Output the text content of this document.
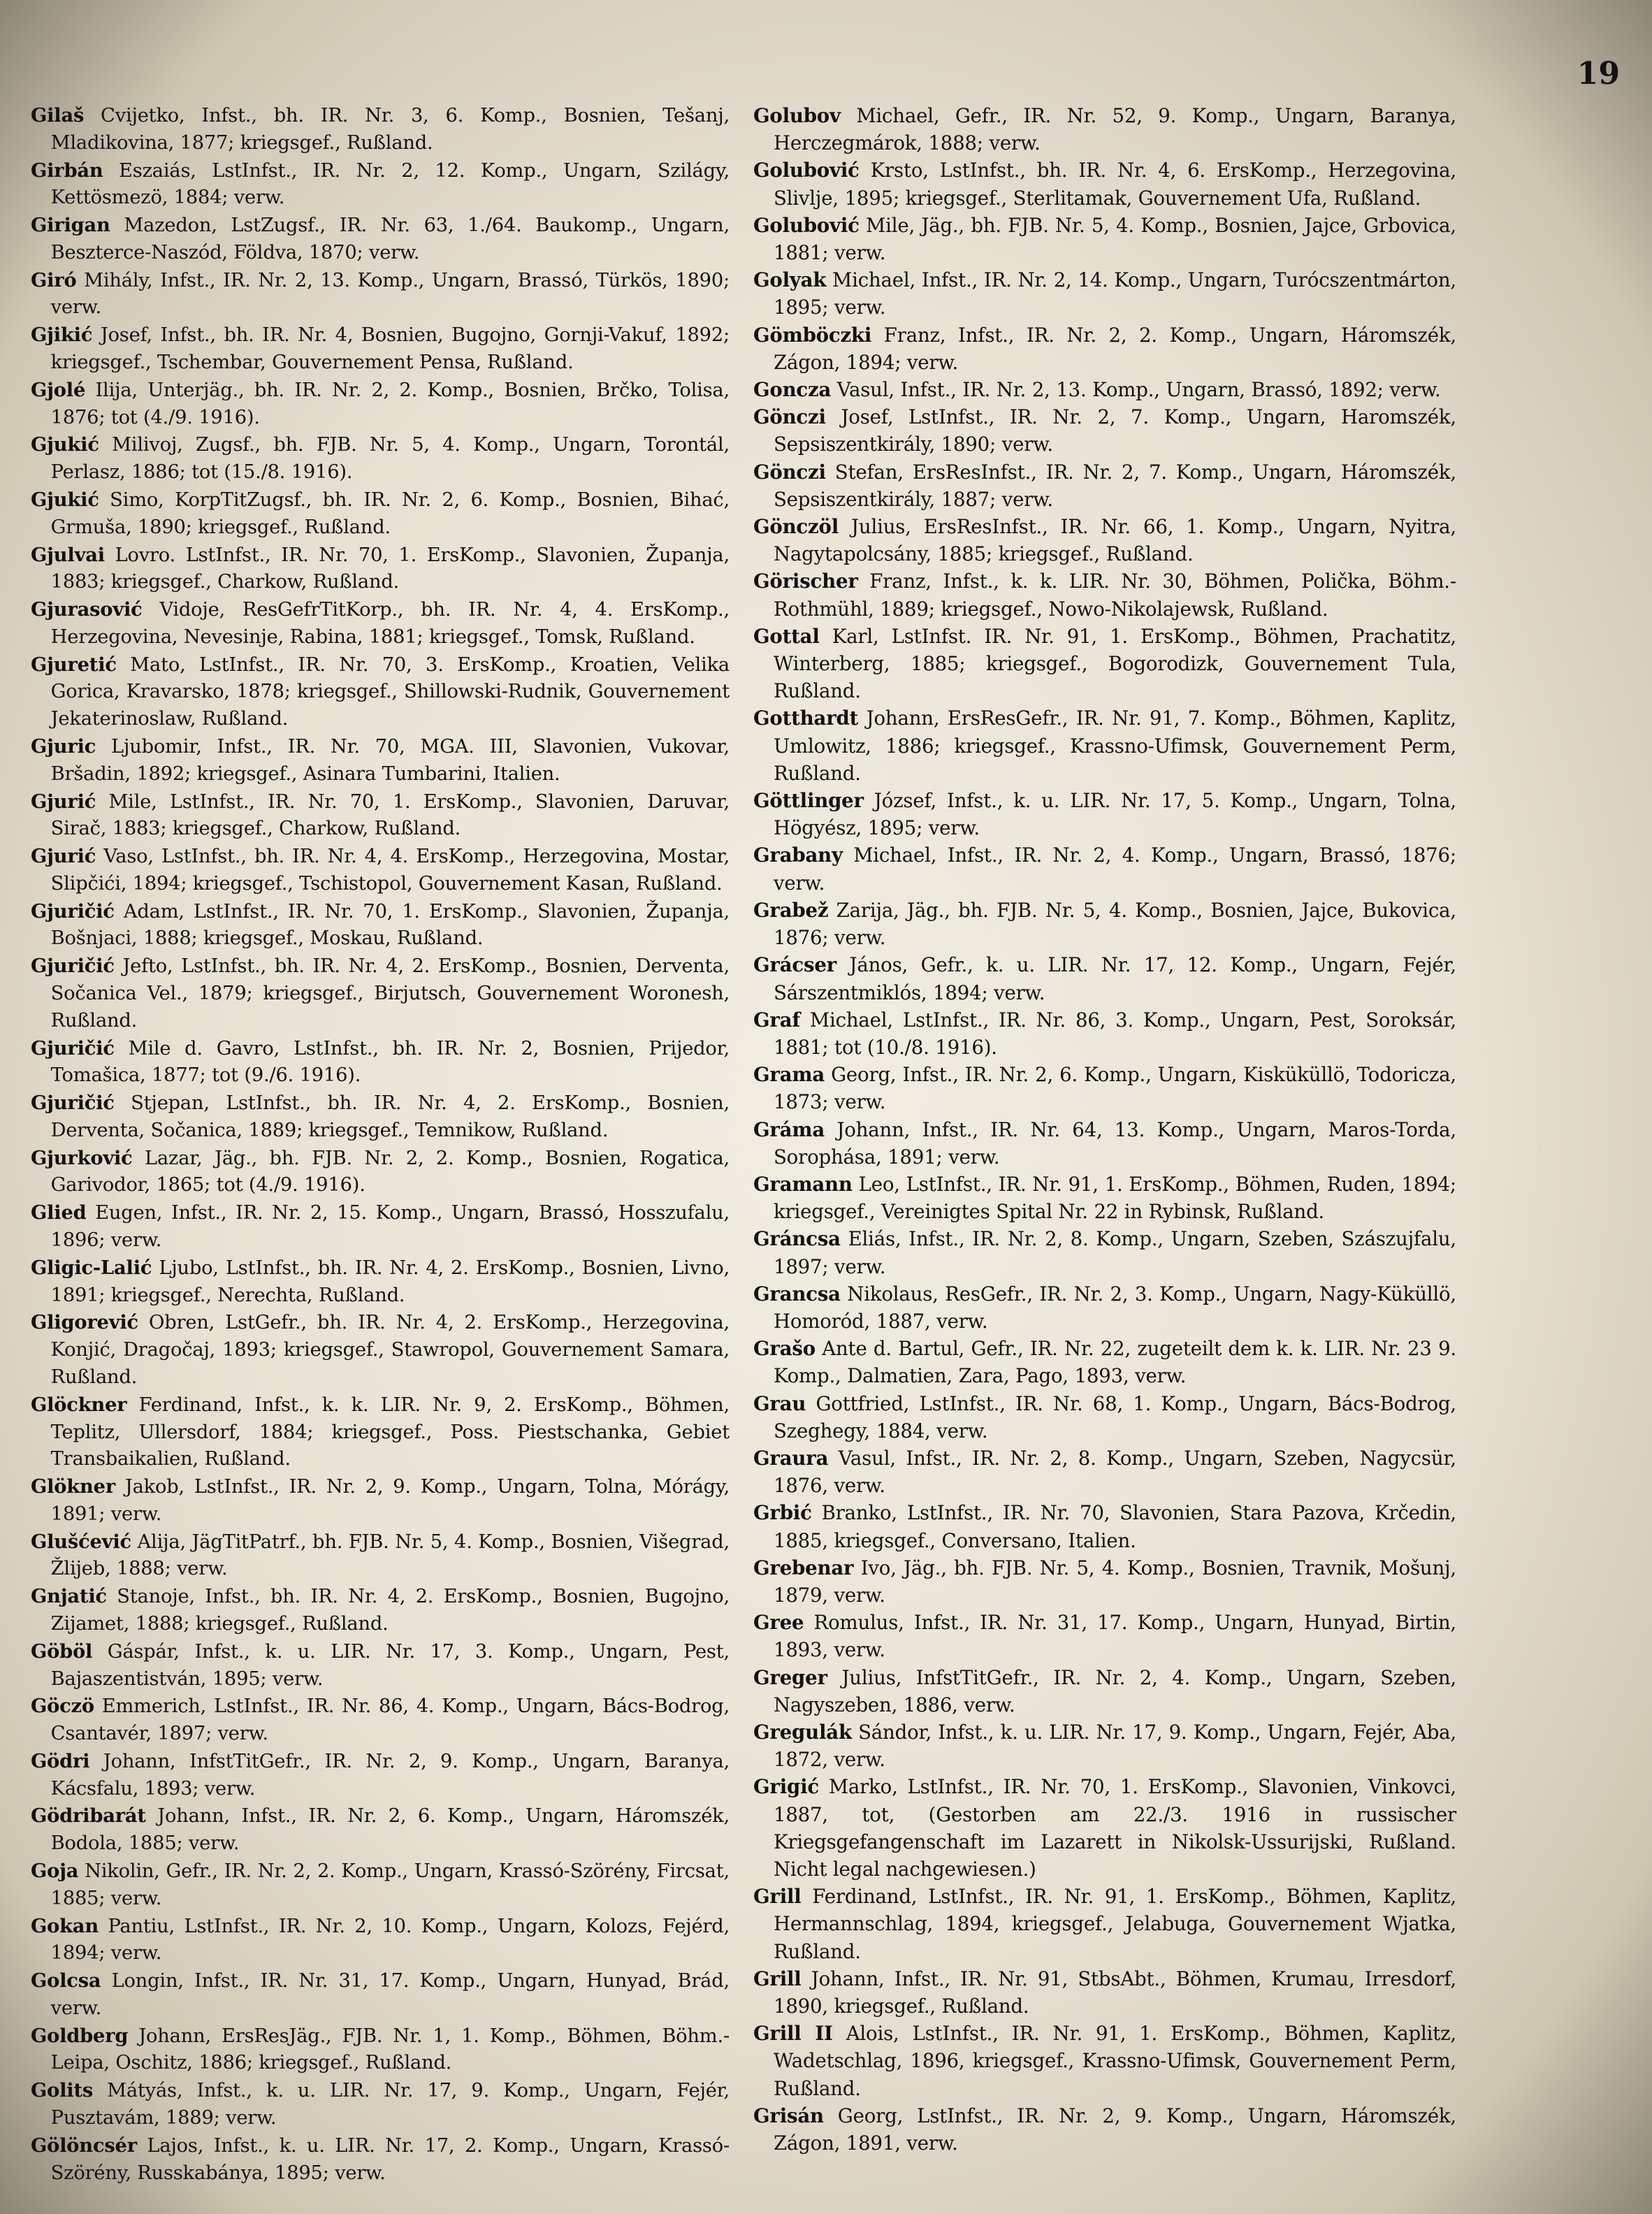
19

Gilaš Cvijetko, Infst., bh. IR. Nr. 3, 6. Komp., Bosnien, Tešanj, Mladikovina, 1877; kriegsgef., Rußland.

Girbán Eszaiás, LstInfst., IR. Nr. 2, 12. Komp., Ungarn, Szilágy, Kettösmezö, 1884; verw.

Girigan Mazedon, LstZugsf., IR. Nr. 63, 1./64. Baukomp., Ungarn, Beszterce-Naszód, Földva, 1870; verw.

Giró Mihály, Infst., IR. Nr. 2, 13. Komp., Ungarn, Brassó, Türkös, 1890; verw.

Gjikić Josef, Infst., bh. IR. Nr. 4, Bosnien, Bugojno, Gornji-Vakuf, 1892; kriegsgef., Tschembar, Gouvernement Pensa, Rußland.

Gjolé Ilija, Unterjäg., bh. IR. Nr. 2, 2. Komp., Bosnien, Brčko, Tolisa, 1876; tot (4./9. 1916).

Gjukić Milivoj, Zugsf., bh. FJB. Nr. 5, 4. Komp., Ungarn, Torontál, Perlasz, 1886; tot (15./8. 1916).

Gjukić Simo, KorpTitZugsf., bh. IR. Nr. 2, 6. Komp., Bosnien, Bihać, Grmuša, 1890; kriegsgef., Rußland.

Gjulvai Lovro. LstInfst., IR. Nr. 70, 1. ErsKomp., Slavonien, Županja, 1883; kriegsgef., Charkow, Rußland.

Gjurasović Vidoje, ResGefrTitKorp., bh. IR. Nr. 4, 4. ErsKomp., Herzegovina, Nevesinje, Rabina, 1881; kriegsgef., Tomsk, Rußland.

Gjuretić Mato, LstInfst., IR. Nr. 70, 3. ErsKomp., Kroatien, Velika Gorica, Kravarsko, 1878; kriegsgef., Shillowski-Rudnik, Gouvernement Jekaterinoslaw, Rußland.

Gjuric Ljubomir, Infst., IR. Nr. 70, MGA. III, Slavonien, Vukovar, Bršadin, 1892; kriegsgef., Asinara Tumbarini, Italien.

Gjurić Mile, LstInfst., IR. Nr. 70, 1. ErsKomp., Slavonien, Daruvar, Sirač, 1883; kriegsgef., Charkow, Rußland.

Gjurić Vaso, LstInfst., bh. IR. Nr. 4, 4. ErsKomp., Herzegovina, Mostar, Slipčići, 1894; kriegsgef., Tschistopol, Gouvernement Kasan, Rußland.

Gjuričić Adam, LstInfst., IR. Nr. 70, 1. ErsKomp., Slavonien, Županja, Bošnjaci, 1888; kriegsgef., Moskau, Rußland.

Gjuričić Jefto, LstInfst., bh. IR. Nr. 4, 2. ErsKomp., Bosnien, Derventa, Sočanica Vel., 1879; kriegsgef., Birjutsch, Gouvernement Woronesh, Rußland.

Gjuričić Mile d. Gavro, LstInfst., bh. IR. Nr. 2, Bosnien, Prijedor, Tomašica, 1877; tot (9./6. 1916).

Gjuričić Stjepan, LstInfst., bh. IR. Nr. 4, 2. ErsKomp., Bosnien, Derventa, Sočanica, 1889; kriegsgef., Temnikow, Rußland.

Gjurković Lazar, Jäg., bh. FJB. Nr. 2, 2. Komp., Bosnien, Rogatica, Garivodor, 1865; tot (4./9. 1916).

Glied Eugen, Infst., IR. Nr. 2, 15. Komp., Ungarn, Brassó, Hosszufalu, 1896; verw.

Gligic-Lalić Ljubo, LstInfst., bh. IR. Nr. 4, 2. ErsKomp., Bosnien, Livno, 1891; kriegsgef., Nerechta, Rußland.

Gligorević Obren, LstGefr., bh. IR. Nr. 4, 2. ErsKomp., Herzegovina, Konjić, Dragočaj, 1893; kriegsgef., Stawropol, Gouvernement Samara, Rußland.

Glöckner Ferdinand, Infst., k. k. LIR. Nr. 9, 2. ErsKomp., Böhmen, Teplitz, Ullersdorf, 1884; kriegsgef., Poss. Piestschanka, Gebiet Transbaikalien, Rußland.

Glökner Jakob, LstInfst., IR. Nr. 2, 9. Komp., Ungarn, Tolna, Mórágy, 1891; verw.

Glušćević Alija, JägTitPatrf., bh. FJB. Nr. 5, 4. Komp., Bosnien, Višegrad, Žlijeb, 1888; verw.

Gnjatić Stanoje, Infst., bh. IR. Nr. 4, 2. ErsKomp., Bosnien, Bugojno, Zijamet, 1888; kriegsgef., Rußland.

Göböl Gáspár, Infst., k. u. LIR. Nr. 17, 3. Komp., Ungarn, Pest, Bajaszentistván, 1895; verw.

Göczö Emmerich, LstInfst., IR. Nr. 86, 4. Komp., Ungarn, Bács-Bodrog, Csantavér, 1897; verw.

Gödri Johann, InfstTitGefr., IR. Nr. 2, 9. Komp., Ungarn, Baranya, Kácsfalu, 1893; verw.

Gödribarát Johann, Infst., IR. Nr. 2, 6. Komp., Ungarn, Háromszék, Bodola, 1885; verw.

Goja Nikolin, Gefr., IR. Nr. 2, 2. Komp., Ungarn, Krassó-Szörény, Fircsat, 1885; verw.

Gokan Pantiu, LstInfst., IR. Nr. 2, 10. Komp., Ungarn, Kolozs, Fejérd, 1894; verw.

Golcsa Longin, Infst., IR. Nr. 31, 17. Komp., Ungarn, Hunyad, Brád, verw.

Goldberg Johann, ErsResJäg., FJB. Nr. 1, 1. Komp., Böhmen, Böhm.-Leipa, Oschitz, 1886; kriegsgef., Rußland.

Golits Mátyás, Infst., k. u. LIR. Nr. 17, 9. Komp., Ungarn, Fejér, Pusztavám, 1889; verw.

Gölöncsér Lajos, Infst., k. u. LIR. Nr. 17, 2. Komp., Ungarn, Krassó-Szörény, Russkabánya, 1895; verw.

Golubov Michael, Gefr., IR. Nr. 52, 9. Komp., Ungarn, Baranya, Herczegmárok, 1888; verw.

Golubović Krsto, LstInfst., bh. IR. Nr. 4, 6. ErsKomp., Herzegovina, Slivlje, 1895; kriegsgef., Sterlitamak, Gouvernement Ufa, Rußland.

Golubović Mile, Jäg., bh. FJB. Nr. 5, 4. Komp., Bosnien, Jajce, Grbovica, 1881; verw.

Golyak Michael, Infst., IR. Nr. 2, 14. Komp., Ungarn, Turócszentmárton, 1895; verw.

Gömböczki Franz, Infst., IR. Nr. 2, 2. Komp., Ungarn, Háromszék, Zágon, 1894; verw.

Goncza Vasul, Infst., IR. Nr. 2, 13. Komp., Ungarn, Brassó, 1892; verw.

Gönczi Josef, LstInfst., IR. Nr. 2, 7. Komp., Ungarn, Haromszék, Sepsiszentkirály, 1890; verw.

Gönczi Stefan, ErsResInfst., IR. Nr. 2, 7. Komp., Ungarn, Háromszék, Sepsiszentkirály, 1887; verw.

Gönczöl Julius, ErsResInfst., IR. Nr. 66, 1. Komp., Ungarn, Nyitra, Nagytapolcsány, 1885; kriegsgef., Rußland.

Görischer Franz, Infst., k. k. LIR. Nr. 30, Böhmen, Polička, Böhm.-Rothmühl, 1889; kriegsgef., Nowo-Nikolajewsk, Rußland.

Gottal Karl, LstInfst. IR. Nr. 91, 1. ErsKomp., Böhmen, Prachatitz, Winterberg, 1885; kriegsgef., Bogorodizk, Gouvernement Tula, Rußland.

Gotthardt Johann, ErsResGefr., IR. Nr. 91, 7. Komp., Böhmen, Kaplitz, Umlowitz, 1886; kriegsgef., Krassno-Ufimsk, Gouvernement Perm, Rußland.

Göttlinger József, Infst., k. u. LIR. Nr. 17, 5. Komp., Ungarn, Tolna, Högyész, 1895; verw.

Grabany Michael, Infst., IR. Nr. 2, 4. Komp., Ungarn, Brassó, 1876; verw.

Grabež Zarija, Jäg., bh. FJB. Nr. 5, 4. Komp., Bosnien, Jajce, Bukovica, 1876; verw.

Grácser János, Gefr., k. u. LIR. Nr. 17, 12. Komp., Ungarn, Fejér, Sárszentmiklós, 1894; verw.

Graf Michael, LstInfst., IR. Nr. 86, 3. Komp., Ungarn, Pest, Soroksár, 1881; tot (10./8. 1916).

Grama Georg, Infst., IR. Nr. 2, 6. Komp., Ungarn, Kisküküllö, Todoricza, 1873; verw.

Gráma Johann, Infst., IR. Nr. 64, 13. Komp., Ungarn, Maros-Torda, Sorophása, 1891; verw.

Gramann Leo, LstInfst., IR. Nr. 91, 1. ErsKomp., Böhmen, Ruden, 1894; kriegsgef., Vereinigtes Spital Nr. 22 in Rybinsk, Rußland.

Gráncsa Eliás, Infst., IR. Nr. 2, 8. Komp., Ungarn, Szeben, Szászujfalu, 1897; verw.

Grancsa Nikolaus, ResGefr., IR. Nr. 2, 3. Komp., Ungarn, Nagy-Küküllö, Homoród, 1887, verw.

Grašo Ante d. Bartul, Gefr., IR. Nr. 22, zugeteilt dem k. k. LIR. Nr. 23 9. Komp., Dalmatien, Zara, Pago, 1893, verw.

Grau Gottfried, LstInfst., IR. Nr. 68, 1. Komp., Ungarn, Bács-Bodrog, Szeghegy, 1884, verw.

Graura Vasul, Infst., IR. Nr. 2, 8. Komp., Ungarn, Szeben, Nagycsür, 1876, verw.

Grbić Branko, LstInfst., IR. Nr. 70, Slavonien, Stara Pazova, Krčedin, 1885, kriegsgef., Conversano, Italien.

Grebenar Ivo, Jäg., bh. FJB. Nr. 5, 4. Komp., Bosnien, Travnik, Mošunj, 1879, verw.

Gree Romulus, Infst., IR. Nr. 31, 17. Komp., Ungarn, Hunyad, Birtin, 1893, verw.

Greger Julius, InfstTitGefr., IR. Nr. 2, 4. Komp., Ungarn, Szeben, Nagyszeben, 1886, verw.

Gregulák Sándor, Infst., k. u. LIR. Nr. 17, 9. Komp., Ungarn, Fejér, Aba, 1872, verw.

Grigić Marko, LstInfst., IR. Nr. 70, 1. ErsKomp., Slavonien, Vinkovci, 1887, tot, (Gestorben am 22./3. 1916 in russischer Kriegsgefangenschaft im Lazarett in Nikolsk-Ussurijski, Rußland. Nicht legal nachgewiesen.)

Grill Ferdinand, LstInfst., IR. Nr. 91, 1. ErsKomp., Böhmen, Kaplitz, Hermannschlag, 1894, kriegsgef., Jelabuga, Gouvernement Wjatka, Rußland.

Grill Johann, Infst., IR. Nr. 91, StbsAbt., Böhmen, Krumau, Irresdorf, 1890, kriegsgef., Rußland.

Grill II Alois, LstInfst., IR. Nr. 91, 1. ErsKomp., Böhmen, Kaplitz, Wadetschlag, 1896, kriegsgef., Krassno-Ufimsk, Gouvernement Perm, Rußland.

Grisán Georg, LstInfst., IR. Nr. 2, 9. Komp., Ungarn, Háromszék, Zágon, 1891, verw.
